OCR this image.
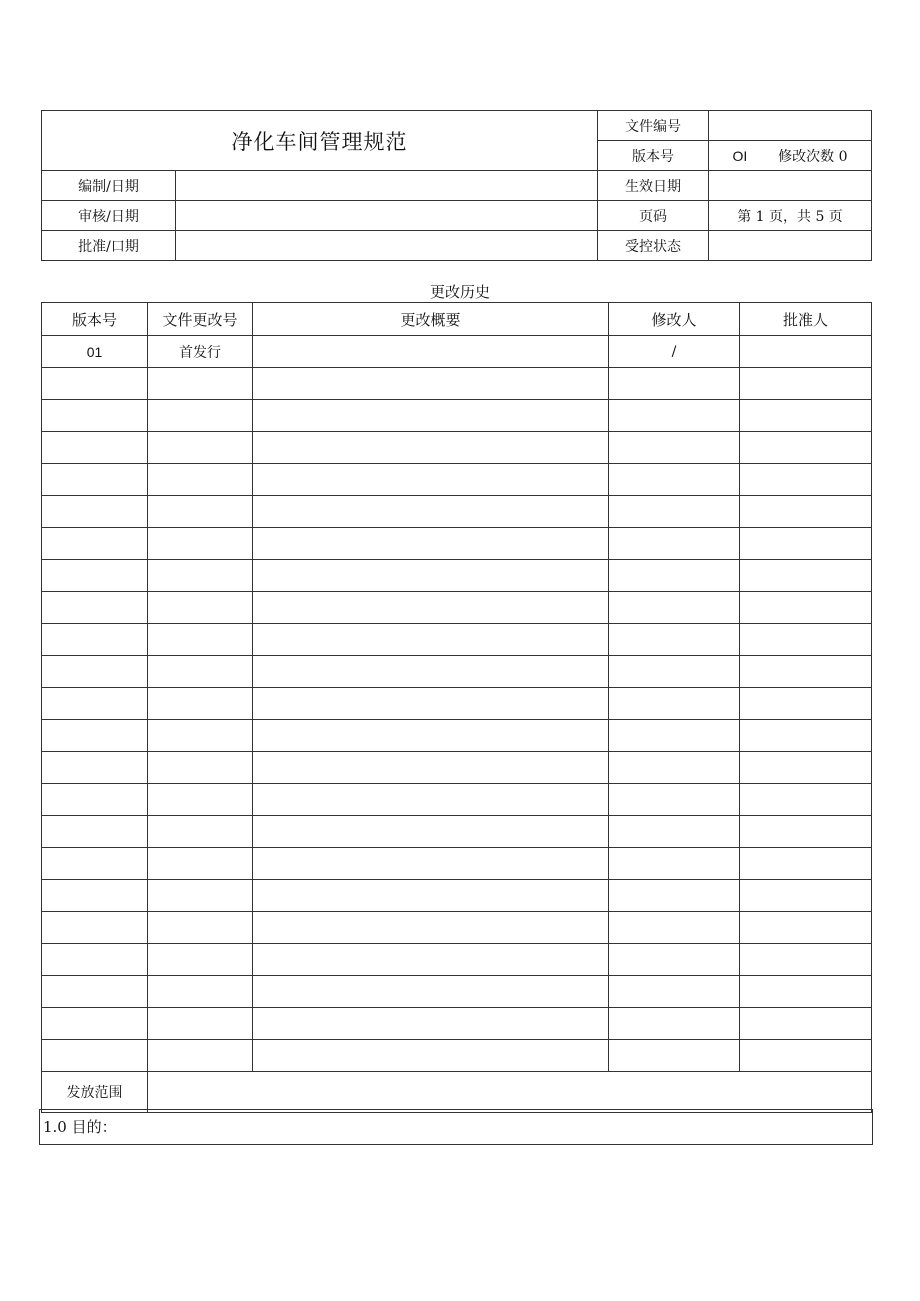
净化车间管理规范		文件编号	
		版本号	OI 修改次数 0
编制/日期		生效日期	
审核/日期		页码	第 1 页，共 5 页
批准/口期		受控状态	
更改历史
版本号	文件更改号	更改概要	修改人	批准人
01	首发行		/	

发放范围				
1.0 目的：
